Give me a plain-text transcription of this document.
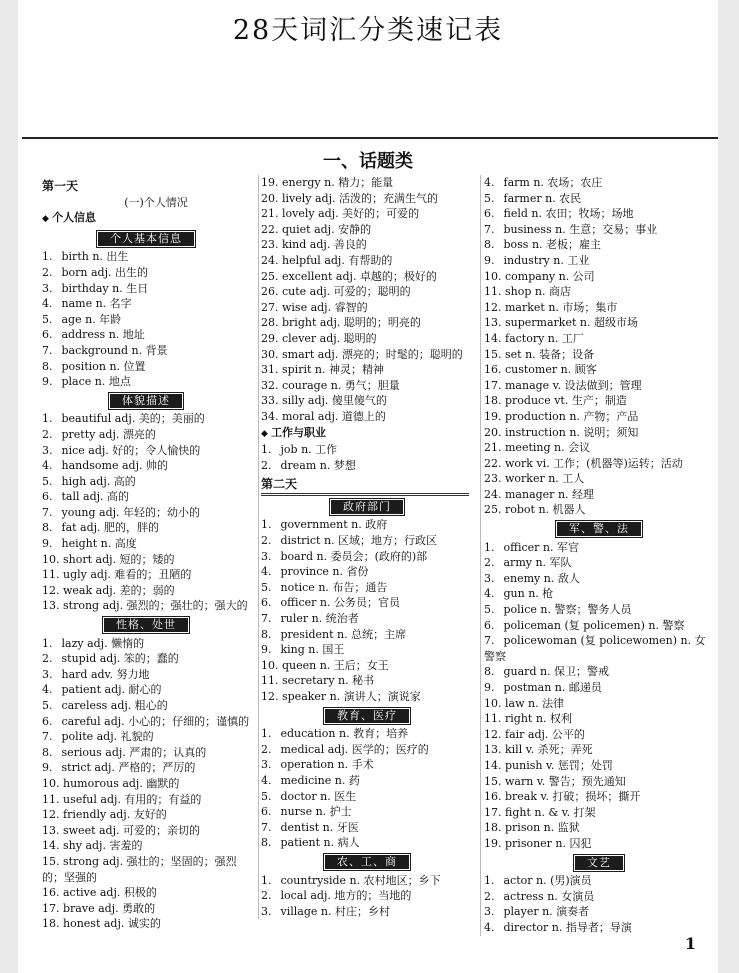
28天词汇分类速记表
一、话题类
第一天
(一)个人情况
◆ 个人信息
个人基本信息
1. birth n. 出生
2. born adj. 出生的
3. birthday n. 生日
4. name n. 名字
5. age n. 年龄
6. address n. 地址
7. background n. 背景
8. position n. 位置
9. place n. 地点
体貌描述
1. beautiful adj. 美的；美丽的
2. pretty adj. 漂亮的
3. nice adj. 好的；令人愉快的
4. handsome adj. 帅的
5. high adj. 高的
6. tall adj. 高的
7. young adj. 年轻的；幼小的
8. fat adj. 肥的，胖的
9. height n. 高度
10. short adj. 短的；矮的
11. ugly adj. 难看的；丑陋的
12. weak adj. 差的；弱的
13. strong adj. 强烈的；强壮的；强大的
性格、处世
1. lazy adj. 懒惰的
2. stupid adj. 笨的；蠢的
3. hard adv. 努力地
4. patient adj. 耐心的
5. careless adj. 粗心的
6. careful adj. 小心的；仔细的；谨慎的
7. polite adj. 礼貌的
8. serious adj. 严肃的；认真的
9. strict adj. 严格的；严厉的
10. humorous adj. 幽默的
11. useful adj. 有用的；有益的
12. friendly adj. 友好的
13. sweet adj. 可爱的；亲切的
14. shy adj. 害羞的
15. strong adj. 强壮的；坚固的；强烈的；坚强的
16. active adj. 积极的
17. brave adj. 勇敢的
18. honest adj. 诚实的
19. energy n. 精力；能量
20. lively adj. 活泼的；充满生气的
21. lovely adj. 美好的；可爱的
22. quiet adj. 安静的
23. kind adj. 善良的
24. helpful adj. 有帮助的
25. excellent adj. 卓越的；极好的
26. cute adj. 可爱的；聪明的
27. wise adj. 睿智的
28. bright adj. 聪明的；明亮的
29. clever adj. 聪明的
30. smart adj. 漂亮的；时髦的；聪明的
31. spirit n. 神灵；精神
32. courage n. 勇气；胆量
33. silly adj. 傻里傻气的
34. moral adj. 道德上的
◆ 工作与职业
1. job n. 工作
2. dream n. 梦想
第二天
政府部门
1. government n. 政府
2. district n. 区域；地方；行政区
3. board n. 委员会；(政府的)部
4. province n. 省份
5. notice n. 布告；通告
6. officer n. 公务员；官员
7. ruler n. 统治者
8. president n. 总统；主席
9. king n. 国王
10. queen n. 王后；女王
11. secretary n. 秘书
12. speaker n. 演讲人；演说家
教育、医疗
1. education n. 教育；培养
2. medical adj. 医学的；医疗的
3. operation n. 手术
4. medicine n. 药
5. doctor n. 医生
6. nurse n. 护士
7. dentist n. 牙医
8. patient n. 病人
农、工、商
1. countryside n. 农村地区；乡下
2. local adj. 地方的；当地的
3. village n. 村庄；乡村
4. farm n. 农场；农庄
5. farmer n. 农民
6. field n. 农田；牧场；场地
7. business n. 生意；交易；事业
8. boss n. 老板；雇主
9. industry n. 工业
10. company n. 公司
11. shop n. 商店
12. market n. 市场；集市
13. supermarket n. 超级市场
14. factory n. 工厂
15. set n. 装备；设备
16. customer n. 顾客
17. manage v. 设法做到；管理
18. produce vt. 生产；制造
19. production n. 产物；产品
20. instruction n. 说明；须知
21. meeting n. 会议
22. work vi. 工作；(机器等)运转；活动
23. worker n. 工人
24. manager n. 经理
25. robot n. 机器人
军、警、法
1. officer n. 军官
2. army n. 军队
3. enemy n. 敌人
4. gun n. 枪
5. police n. 警察；警务人员
6. policeman (复 policemen) n. 警察
7. policewoman (复 policewomen) n. 女警察
8. guard n. 保卫；警戒
9. postman n. 邮递员
10. law n. 法律
11. right n. 权利
12. fair adj. 公平的
13. kill v. 杀死；弄死
14. punish v. 惩罚；处罚
15. warn v. 警告；预先通知
16. break v. 打破；损坏；撕开
17. fight n. & v. 打架
18. prison n. 监狱
19. prisoner n. 囚犯
文艺
1. actor n. (男)演员
2. actress n. 女演员
3. player n. 演奏者
4. director n. 指导者；导演
1
